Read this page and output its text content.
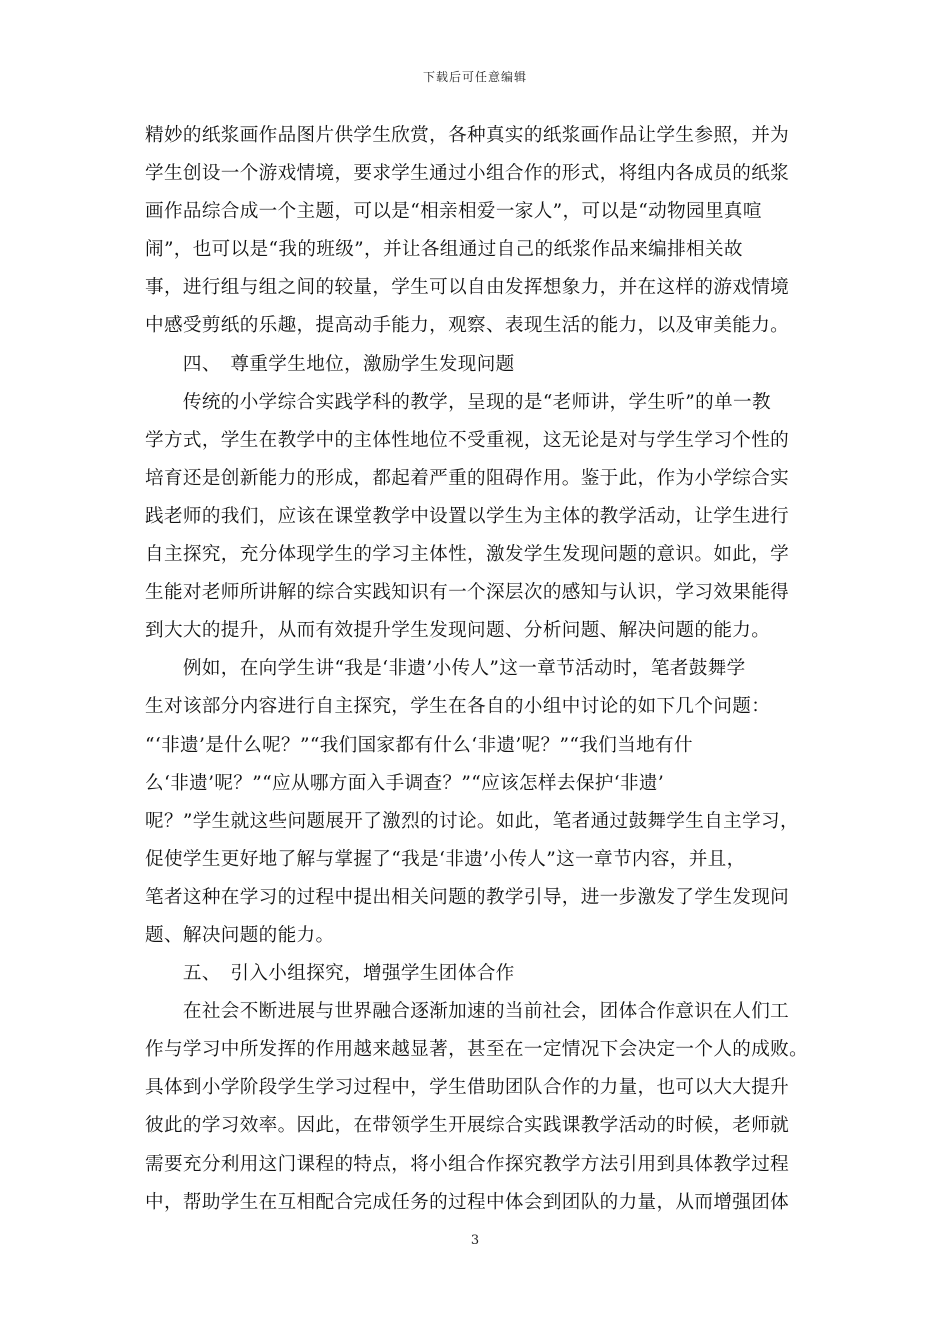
下载后可任意编辑
精妙的纸浆画作品图片供学生欣赏，各种真实的纸浆画作品让学生参照，并为
学生创设一个游戏情境，要求学生通过小组合作的形式，将组内各成员的纸浆
画作品综合成一个主题，可以是“相亲相爱一家人”，可以是“动物园里真喧
闹”，也可以是“我的班级”，并让各组通过自己的纸浆作品来编排相关故
事，进行组与组之间的较量，学生可以自由发挥想象力，并在这样的游戏情境
中感受剪纸的乐趣，提高动手能力，观察、表现生活的能力，以及审美能力。
　　四、　尊重学生地位，激励学生发现问题
　　传统的小学综合实践学科的教学，呈现的是“老师讲，学生听”的单一教
学方式，学生在教学中的主体性地位不受重视，这无论是对与学生学习个性的
培育还是创新能力的形成，都起着严重的阻碍作用。鉴于此，作为小学综合实
践老师的我们，应该在课堂教学中设置以学生为主体的教学活动，让学生进行
自主探究，充分体现学生的学习主体性，激发学生发现问题的意识。如此，学
生能对老师所讲解的综合实践知识有一个深层次的感知与认识，学习效果能得
到大大的提升，从而有效提升学生发现问题、分析问题、解决问题的能力。
　　例如，在向学生讲“我是‘非遗’小传人”这一章节活动时，笔者鼓舞学
生对该部分内容进行自主探究，学生在各自的小组中讨论的如下几个问题：
“‘非遗’是什么呢？”“我们国家都有什么‘非遗’呢？”“我们当地有什
么‘非遗’呢？”“应从哪方面入手调查？”“应该怎样去保护‘非遗’
呢？”学生就这些问题展开了激烈的讨论。如此，笔者通过鼓舞学生自主学习，
促使学生更好地了解与掌握了“我是‘非遗’小传人”这一章节内容，并且，
笔者这种在学习的过程中提出相关问题的教学引导，进一步激发了学生发现问
题、解决问题的能力。
　　五、　引入小组探究，增强学生团体合作
　　在社会不断进展与世界融合逐渐加速的当前社会，团体合作意识在人们工
作与学习中所发挥的作用越来越显著，甚至在一定情况下会决定一个人的成败。
具体到小学阶段学生学习过程中，学生借助团队合作的力量，也可以大大提升
彼此的学习效率。因此，在带领学生开展综合实践课教学活动的时候，老师就
需要充分利用这门课程的特点，将小组合作探究教学方法引用到具体教学过程
中，帮助学生在互相配合完成任务的过程中体会到团队的力量，从而增强团体
3
